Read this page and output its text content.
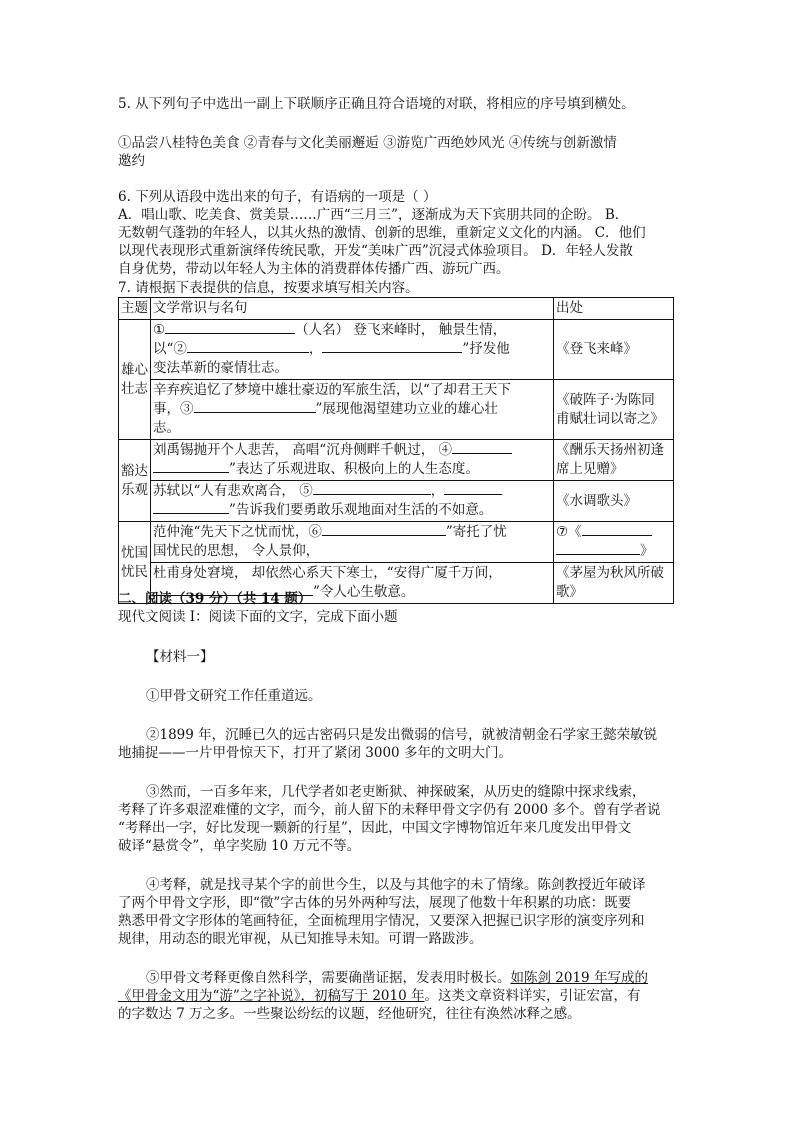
5. 从下列句子中选出一副上下联顺序正确且符合语境的对联，将相应的序号填到横处。
①品尝八桂特色美食 ②青春与文化美丽邂逅 ③游览广西绝妙风光 ④传统与创新激情
邀约
6. 下列从语段中选出来的句子，有语病的一项是（ ）
A．唱山歌、吃美食、赏美景……广西“三月三”，逐渐成为天下宾朋共同的企盼。 B．
无数朝气蓬勃的年轻人，以其火热的激情、创新的思维，重新定义文化的内涵。 C．他们
以现代表现形式重新演绎传统民歌，开发“美味广西”沉浸式体验项目。 D．年轻人发散
自身优势，带动以年轻人为主体的消费群体传播广西、游玩广西。
7. 请根据下表提供的信息，按要求填写相关内容。
主题	文学常识与名句	出处

雄心
壮志	① （人名） 登飞来峰时， 触景生情，
以“② ， ”抒发他
变法革新的豪情壮志。	《登飞来峰》

	辛弃疾追忆了梦境中雄壮豪迈的军旅生活，以“了却君王天下
事，③ ”展现他渴望建功立业的雄心壮
志。	《破阵子·为陈同
甫赋壮词以寄之》

豁达
乐观	刘禹锡抛开个人悲苦， 高唱“沉舟侧畔千帆过， ④
”表达了乐观进取、积极向上的人生态度。	《酬乐天扬州初逢
席上见赠》

	苏轼以“人有悲欢离合， ⑤ ，
”告诉我们要勇敢乐观地面对生活的不如意。	《水调歌头》

忧国
忧民	范仲淹“先天下之忧而忧，⑥ ”寄托了忧
国忧民的思想， 令人景仰，	⑦《
》

	杜甫身处窘境， 却依然心系天下寒士，“安得广厦千万间，
”令人心生敬意。	《茅屋为秋风所破
歌》
二、阅读（39 分）（共 14 题）
现代文阅读 I：阅读下面的文字，完成下面小题
【材料一】
①甲骨文研究工作任重道远。
②1899 年，沉睡已久的远古密码只是发出微弱的信号，就被清朝金石学家王懿荣敏锐
地捕捉——一片甲骨惊天下，打开了紧闭 3000 多年的文明大门。
③然而，一百多年来，几代学者如老吏断狱、神探破案，从历史的缝隙中探求线索，
考释了许多艰涩难懂的文字，而今，前人留下的未释甲骨文字仍有 2000 多个。曾有学者说
“考释出一字，好比发现一颗新的行星”，因此，中国文字博物馆近年来几度发出甲骨文
破译“悬赏令”，单字奖励 10 万元不等。
④考释，就是找寻某个字的前世今生，以及与其他字的未了情缘。陈剑教授近年破译
了两个甲骨文字形，即“徵”字古体的另外两种写法，展现了他数十年积累的功底：既要
熟悉甲骨文字形体的笔画特征，全面梳理用字情况，又要深入把握已识字形的演变序列和
规律，用动态的眼光审视，从已知推导未知。可谓一路跋涉。
⑤甲骨文考释更像自然科学，需要确凿证据，发表用时极长。如陈剑 2019 年写成的
《甲骨金文用为“游”之字补说》，初稿写于 2010 年。这类文章资料详实，引证宏富，有
的字数达 7 万之多。一些聚讼纷纭的议题，经他研究，往往有涣然冰释之感。
